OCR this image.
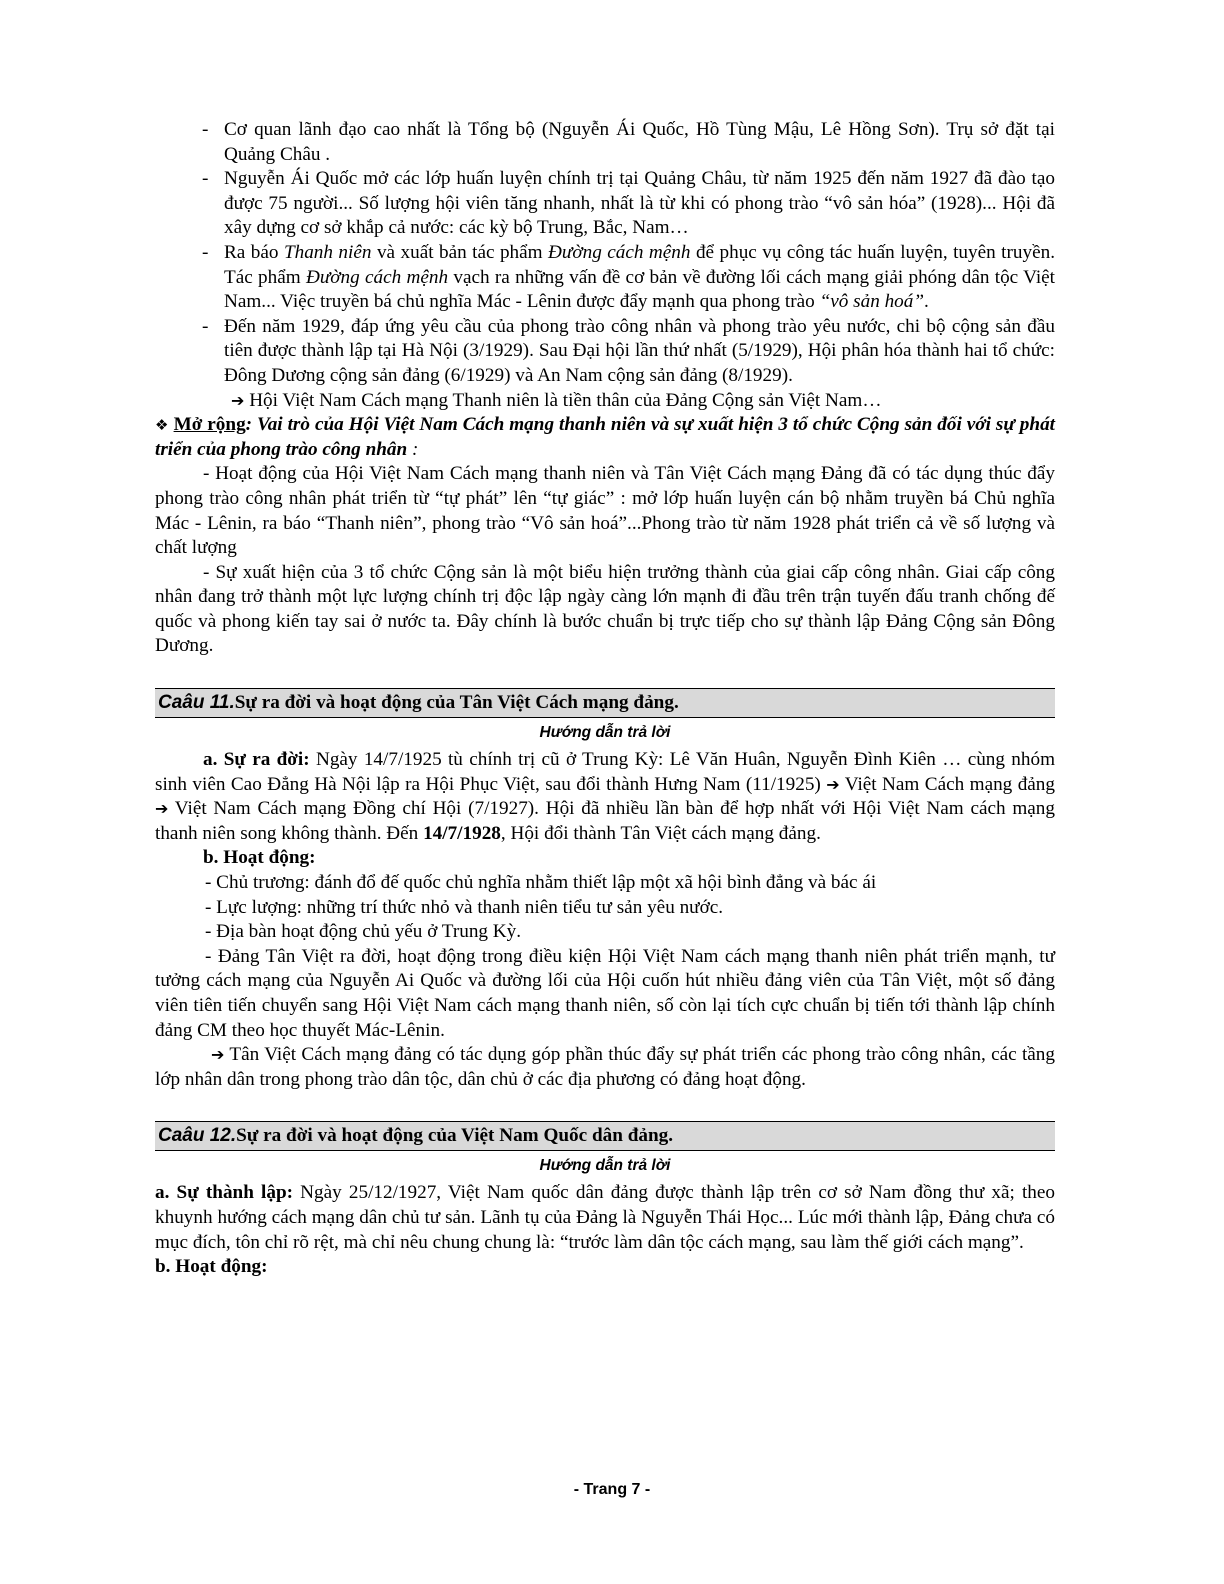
- Cơ quan lãnh đạo cao nhất là Tổng bộ (Nguyễn Ái Quốc, Hồ Tùng Mậu, Lê Hồng Sơn). Trụ sở đặt tại Quảng Châu .
- Nguyễn Ái Quốc mở các lớp huấn luyện chính trị tại Quảng Châu, từ năm 1925 đến năm 1927 đã đào tạo được 75 người... Số lượng hội viên tăng nhanh, nhất là từ khi có phong trào “vô sản hóa” (1928)... Hội đã xây dựng cơ sở khắp cả nước: các kỳ bộ Trung, Bắc, Nam…
- Ra báo Thanh niên và xuất bản tác phẩm Đường cách mệnh để phục vụ công tác huấn luyện, tuyên truyền. Tác phẩm Đường cách mệnh vạch ra những vấn đề cơ bản về đường lối cách mạng giải phóng dân tộc Việt Nam... Việc truyền bá chủ nghĩa Mác - Lênin được đẩy mạnh qua phong trào “vô sản hoá”.
- Đến năm 1929, đáp ứng yêu cầu của phong trào công nhân và phong trào yêu nước, chi bộ cộng sản đầu tiên được thành lập tại Hà Nội (3/1929). Sau Đại hội lần thứ nhất (5/1929), Hội phân hóa thành hai tổ chức: Đông Dương cộng sản đảng (6/1929) và An Nam cộng sản đảng (8/1929).
➔ Hội Việt Nam Cách mạng Thanh niên là tiền thân của Đảng Cộng sản Việt Nam…
❖ Mở rộng: Vai trò của Hội Việt Nam Cách mạng thanh niên và sự xuất hiện 3 tổ chức Cộng sản đối với sự phát triển của phong trào công nhân :

- Hoạt động của Hội Việt Nam Cách mạng thanh niên và Tân Việt Cách mạng Đảng đã có tác dụng thúc đẩy phong trào công nhân phát triển từ “tự phát” lên “tự giác” : mở lớp huấn luyện cán bộ nhằm truyền bá Chủ nghĩa Mác - Lênin, ra báo “Thanh niên”, phong trào “Vô sản hoá”...Phong trào từ năm 1928 phát triển cả về số lượng và chất lượng

- Sự xuất hiện của 3 tổ chức Cộng sản là một biểu hiện trưởng thành của giai cấp công nhân. Giai cấp công nhân đang trở thành một lực lượng chính trị độc lập ngày càng lớn mạnh đi đầu trên trận tuyến đấu tranh chống đế quốc và phong kiến tay sai ở nước ta. Đây chính là bước chuẩn bị trực tiếp cho sự thành lập Đảng Cộng sản Đông Dương.

Caâu 11.Sự ra đời và hoạt động của Tân Việt Cách mạng đảng.
Hướng dẫn trả lời

a. Sự ra đời: Ngày 14/7/1925 tù chính trị cũ ở Trung Kỳ: Lê Văn Huân, Nguyễn Đình Kiên … cùng nhóm sinh viên Cao Đẳng Hà Nội lập ra Hội Phục Việt, sau đổi thành Hưng Nam (11/1925) ➔ Việt Nam Cách mạng đảng ➔ Việt Nam Cách mạng Đồng chí Hội (7/1927). Hội đã nhiều lần bàn để hợp nhất với Hội Việt Nam cách mạng thanh niên song không thành. Đến 14/7/1928, Hội đổi thành Tân Việt cách mạng đảng.

b. Hoạt động:

- Chủ trương: đánh đổ đế quốc chủ nghĩa nhằm thiết lập một xã hội bình đẳng và bác ái

- Lực lượng: những trí thức nhỏ và thanh niên tiểu tư sản yêu nước.

- Địa bàn hoạt động chủ yếu ở Trung Kỳ.

- Đảng Tân Việt ra đời, hoạt động trong điều kiện Hội Việt Nam cách mạng thanh niên phát triển mạnh, tư tưởng cách mạng của Nguyễn Ai Quốc và đường lối của Hội cuốn hút nhiều đảng viên của Tân Việt, một số đảng viên tiên tiến chuyển sang Hội Việt Nam cách mạng thanh niên, số còn lại tích cực chuẩn bị tiến tới thành lập chính đảng CM theo học thuyết Mác-Lênin.

➔ Tân Việt Cách mạng đảng có tác dụng góp phần thúc đẩy sự phát triển các phong trào công nhân, các tầng lớp nhân dân trong phong trào dân tộc, dân chủ ở các địa phương có đảng hoạt động.

Caâu 12.Sự ra đời và hoạt động của Việt Nam Quốc dân đảng.
Hướng dẫn trả lời

a. Sự thành lập: Ngày 25/12/1927, Việt Nam quốc dân đảng được thành lập trên cơ sở Nam đồng thư xã; theo khuynh hướng cách mạng dân chủ tư sản. Lãnh tụ của Đảng là Nguyễn Thái Học... Lúc mới thành lập, Đảng chưa có mục đích, tôn chỉ rõ rệt, mà chỉ nêu chung chung là: “trước làm dân tộc cách mạng, sau làm thế giới cách mạng”.

b. Hoạt động:

- Trang 7 -
